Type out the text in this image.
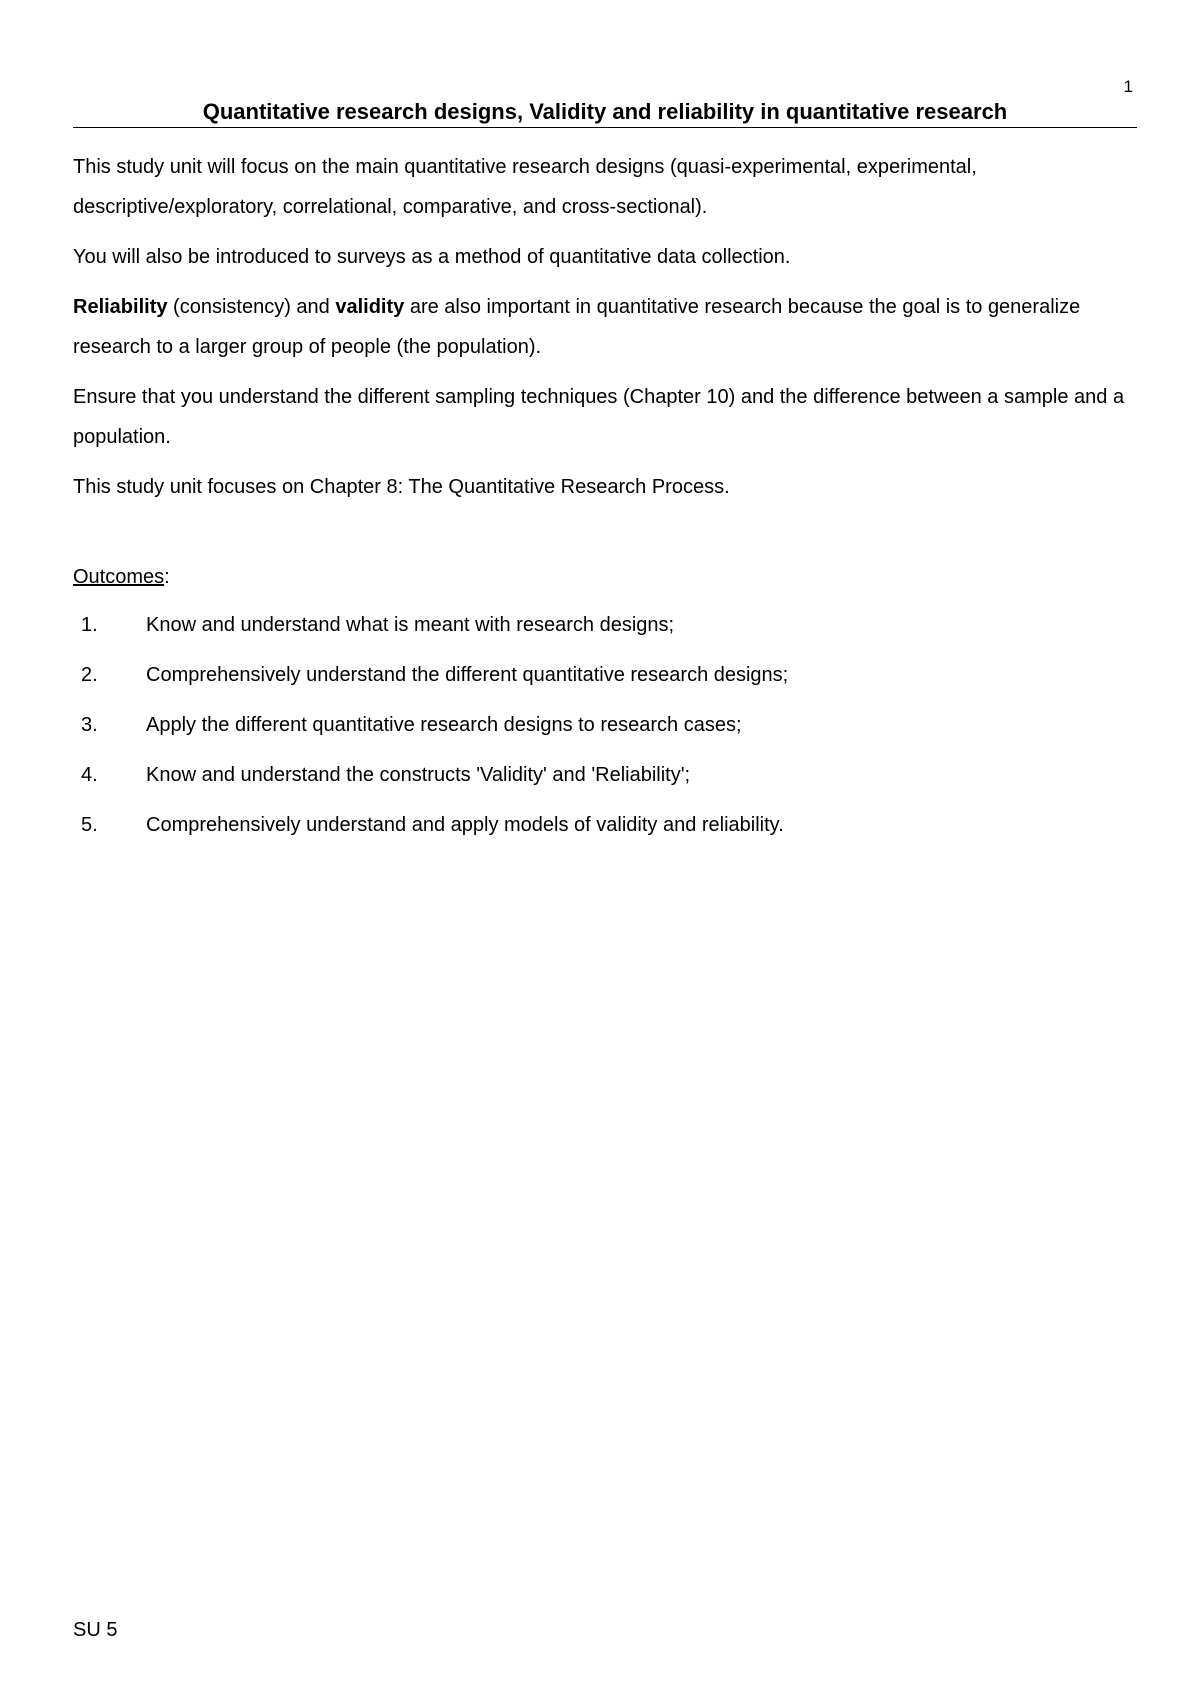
1
Quantitative research designs, Validity and reliability in quantitative research

This study unit will focus on the main quantitative research designs (quasi-experimental, experimental, descriptive/exploratory, correlational, comparative, and cross-sectional).

You will also be introduced to surveys as a method of quantitative data collection.

Reliability (consistency) and validity are also important in quantitative research because the goal is to generalize research to a larger group of people (the population).

Ensure that you understand the different sampling techniques (Chapter 10) and the difference between a sample and a population.

This study unit focuses on Chapter 8: The Quantitative Research Process.

Outcomes:

1.	Know and understand what is meant with research designs;
2.	Comprehensively understand the different quantitative research designs;
3.	Apply the different quantitative research designs to research cases;
4.	Know and understand the constructs 'Validity' and 'Reliability';
5.	Comprehensively understand and apply models of validity and reliability.
SU 5
